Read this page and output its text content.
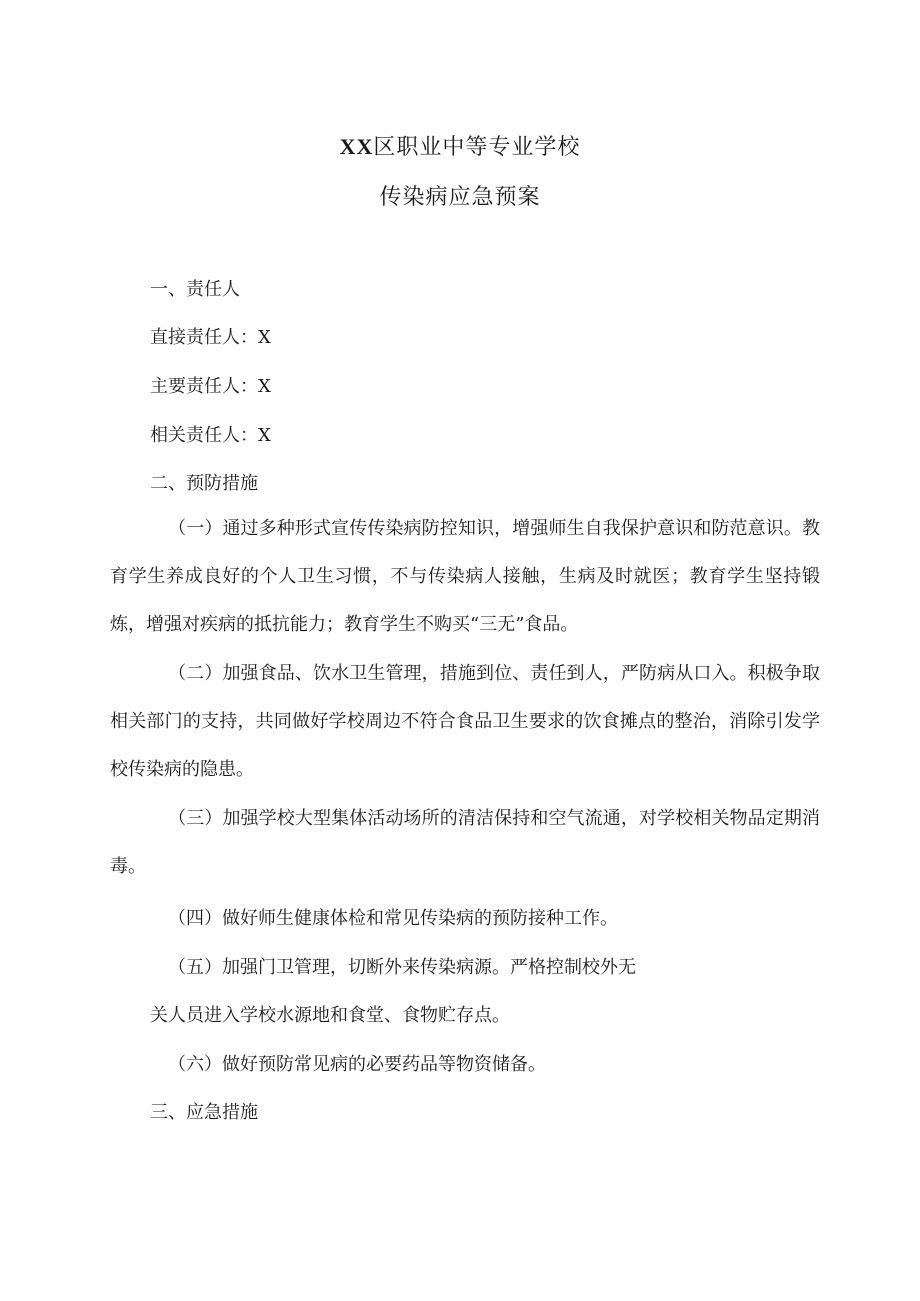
XX区职业中等专业学校
传染病应急预案
一、责任人
直接责任人：X
主要责任人：X
相关责任人：X
二、预防措施
（一）通过多种形式宣传传染病防控知识，增强师生自我保护意识和防范意识。教育学生养成良好的个人卫生习惯，不与传染病人接触，生病及时就医；教育学生坚持锻炼，增强对疾病的抵抗能力；教育学生不购买“三无”食品。
（二）加强食品、饮水卫生管理，措施到位、责任到人，严防病从口入。积极争取相关部门的支持，共同做好学校周边不符合食品卫生要求的饮食摊点的整治，消除引发学校传染病的隐患。
（三）加强学校大型集体活动场所的清洁保持和空气流通，对学校相关物品定期消毒。
（四）做好师生健康体检和常见传染病的预防接种工作。
（五）加强门卫管理，切断外来传染病源。严格控制校外无
关人员进入学校水源地和食堂、食物贮存点。
（六）做好预防常见病的必要药品等物资储备。
三、应急措施
